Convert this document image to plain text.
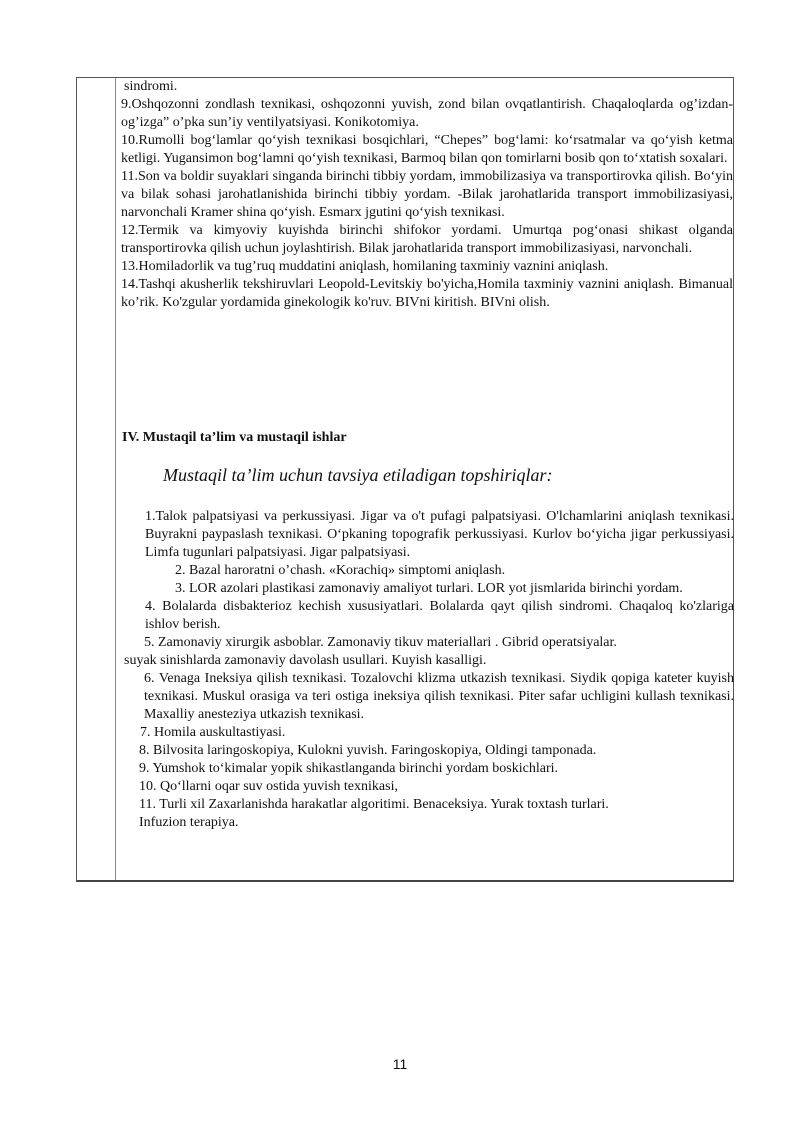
sindromi.

9.Oshqozonni zondlash texnikasi, oshqozonni yuvish, zond bilan ovqatlantirish. Chaqaloqlarda og’izdan-og’izga” o’pka sun’iy ventilyatsiyasi. Konikotomiya.

10.Rumolli bog‘lamlar qo‘yish texnikasi bosqichlari, “Chepes” bog‘lami: ko‘rsatmalar va qo‘yish ketma ketligi. Yugansimon bog‘lamni qo‘yish texnikasi, Barmoq bilan qon tomirlarni bosib qon to‘xtatish soxalari.

11.Son va boldir suyaklari singanda birinchi tibbiy yordam, immobilizasiya va transportirovka qilish. Bo‘yin va bilak sohasi jarohatlanishida birinchi tibbiy yordam. -Bilak jarohatlarida transport immobilizasiyasi, narvonchali Kramer shina qo‘yish. Esmarx jgutini qo‘yish texnikasi.

12.Termik va kimyoviy kuyishda birinchi shifokor yordami. Umurtqa pog‘onasi shikast olganda transportirovka qilish uchun joylashtirish. Bilak jarohatlarida transport immobilizasiyasi, narvonchali.

13.Homiladorlik va tug’ruq muddatini aniqlash, homilaning taxminiy vaznini aniqlash.

14.Tashqi akusherlik tekshiruvlari Leopold-Levitskiy bo'yicha,Homila taxminiy vaznini aniqlash. Bimanual ko’rik. Ko'zgular yordamida ginekologik ko'ruv. BIVni kiritish. BIVni olish.

IV. Mustaqil ta’lim va mustaqil ishlar
Mustaqil ta’lim uchun tavsiya etiladigan topshiriqlar:

1.Talok palpatsiyasi va perkussiyasi. Jigar va o't pufagi palpatsiyasi. O'lchamlarini aniqlash texnikasi. Buyrakni paypaslash texnikasi. O‘pkaning topografik perkussiyasi. Kurlov bo‘yicha jigar perkussiyasi. Limfa tugunlari palpatsiyasi. Jigar palpatsiyasi.

2. Bazal haroratni o’chash. «Korachiq» simptomi aniqlash.

3. LOR azolari plastikasi zamonaviy amaliyot turlari. LOR yot jismlarida birinchi yordam.

4. Bolalarda disbakterioz kechish xususiyatlari. Bolalarda qayt qilish sindromi. Chaqaloq ko'zlariga ishlov berish.

5. Zamonaviy xirurgik asboblar. Zamonaviy tikuv materiallari . Gibrid operatsiyalar.

suyak sinishlarda zamonaviy davolash usullari. Kuyish kasalligi.

6. Venaga Ineksiya qilish texnikasi. Tozalovchi klizma utkazish texnikasi. Siydik qopiga kateter kuyish texnikasi. Muskul orasiga va teri ostiga ineksiya qilish texnikasi. Piter safar uchligini kullash texnikasi. Maxalliy anesteziya utkazish texnikasi.

7. Homila auskultastiyasi.

8. Bilvosita laringoskopiya, Kulokni yuvish. Faringoskopiya, Oldingi tamponada.

9. Yumshok to‘kimalar yopik shikastlanganda birinchi yordam boskichlari.

10. Qo‘llarni oqar suv ostida yuvish texnikasi,

11. Turli xil Zaxarlanishda harakatlar algoritimi. Benaceksiya. Yurak toxtash turlari.

Infuzion terapiya.

11
